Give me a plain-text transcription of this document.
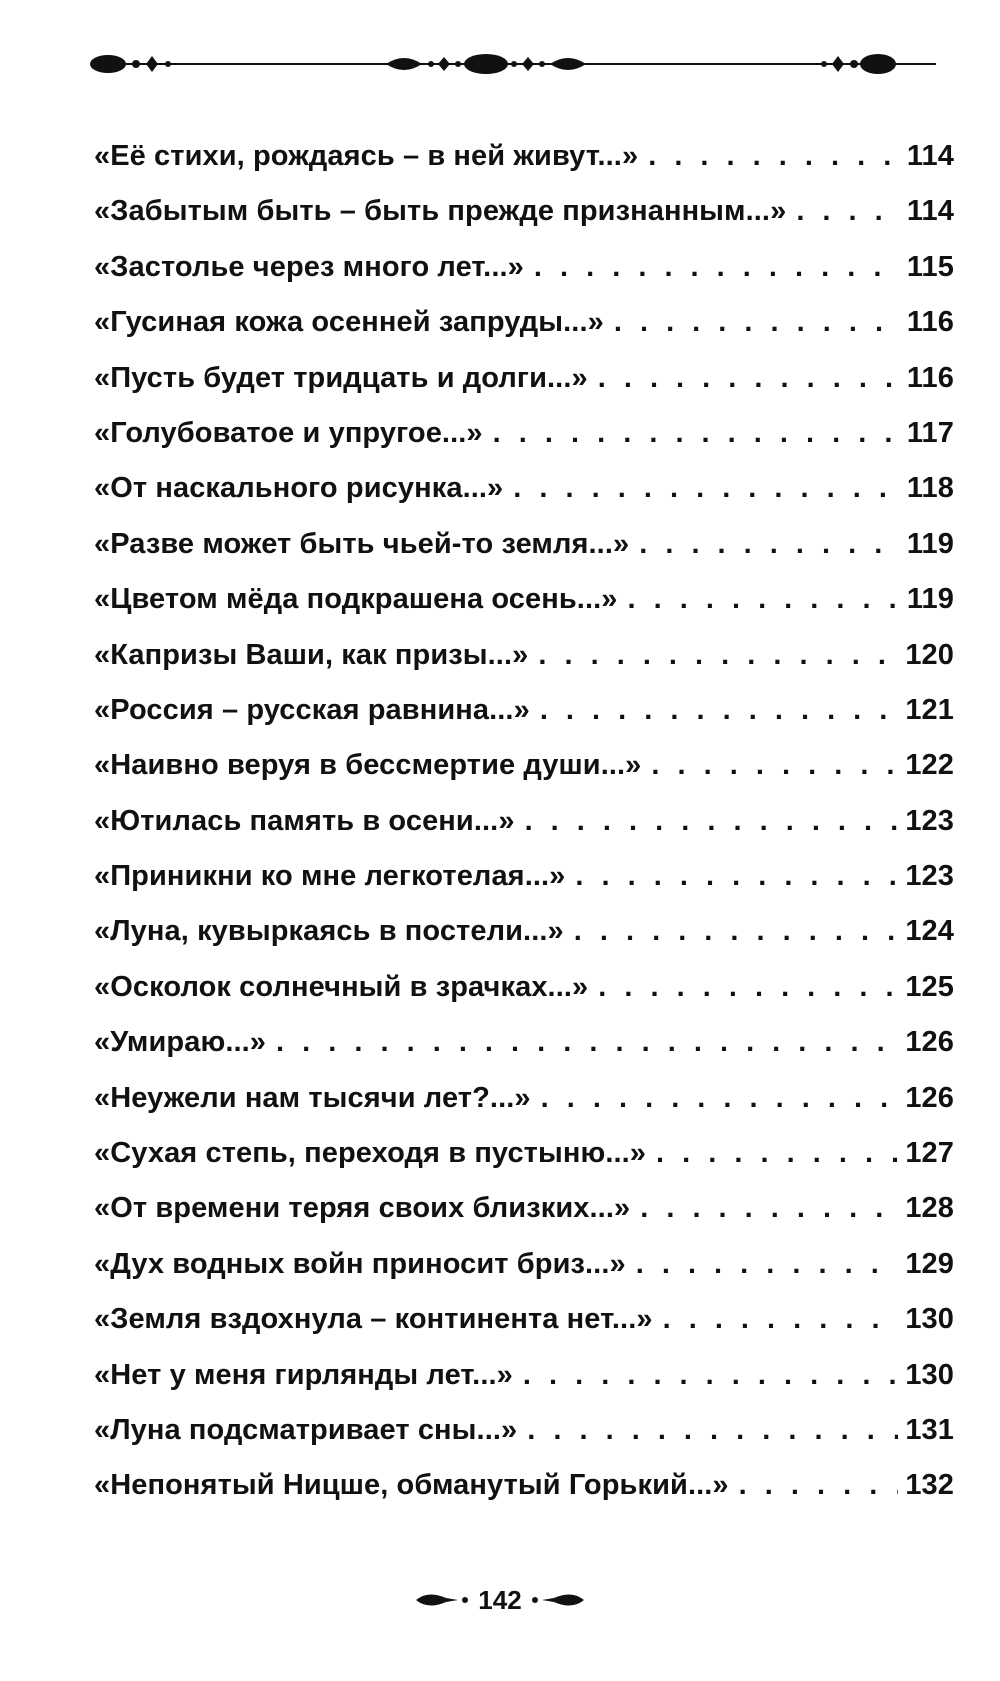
«Её стихи, рождаясь – в ней живут...» . . .	114
«Забытым быть – быть прежде признанным...» . . .	114
«Застолье через много лет...» . . .	115
«Гусиная кожа осенней запруды...» . . .	116
«Пусть будет тридцать и долги...» . . .	116
«Голубоватое и упругое...» . . .	117
«От наскального рисунка...» . . .	118
«Разве может быть чьей-то земля...» . . .	119
«Цветом мёда подкрашена осень...» . . .	119
«Капризы Ваши, как призы...» . . .	120
«Россия – русская равнина...» . . .	121
«Наивно веруя в бессмертие души...» . . .	122
«Ютилась память в осени...» . . .	123
«Приникни ко мне легкотелая...» . . .	123
«Луна, кувыркаясь в постели...» . . .	124
«Осколок солнечный в зрачках...» . . .	125
«Умираю...» . . .	126
«Неужели нам тысячи лет?...» . . .	126
«Сухая степь, переходя в пустыню...» . . .	127
«От времени теряя своих близких...» . . .	128
«Дух водных войн приносит бриз...» . . .	129
«Земля вздохнула – континента нет...» . . .	130
«Нет у меня гирлянды лет...» . . .	130
«Луна подсматривает сны...» . . .	131
«Непонятый Ницше, обманутый Горький...» . . .	132
142
